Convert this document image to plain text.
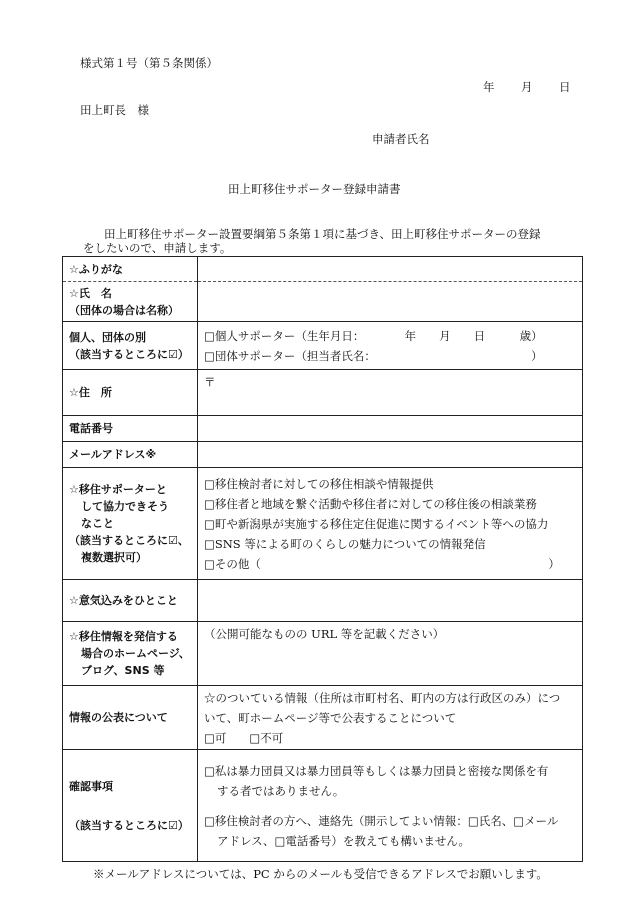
様式第１号（第５条関係）
年 月 日
田上町長　様
申請者氏名
田上町移住サポーター登録申請書
田上町移住サポーター設置要綱第５条第１項に基づき、田上町移住サポーターの登録
をしたいので、申請します。
☆ふりがな	

☆氏　名
（団体の場合は名称）	

個人、団体の別
（該当するところに☑）	□個人サポーター（生年月日：　　　　年　　月　　日　　　歳）
□団体サポーター（担当者氏名：　　　　　　　　　　　　　　）

☆住　所	〒
電話番号	
メールアドレス※	

☆移住サポーターと
して協力できそう
なこと
（該当するところに☑、
複数選択可）	□移住検討者に対しての移住相談や情報提供
□移住者と地域を繋ぐ活動や移住者に対しての移住後の相談業務
□町や新潟県が実施する移住定住促進に関するイベント等への協力
□SNS 等による町のくらしの魅力についての情報発信
□その他（　　　　　　　　　　　　　　　　　　　　　　　　　）

☆意気込みをひとこと	

☆移住情報を発信する
場合のホームページ、
ブログ、SNS 等	（公開可能なものの URL 等を記載ください）
情報の公表について	☆のついている情報（住所は市町村名、町内の方は行政区のみ）につ
いて、町ホームページ等で公表することについて
□可　　□不可

確認事項
（該当するところに☑）	□私は暴力団員又は暴力団員等もしくは暴力団員と密接な関係を有
する者ではありません。
□移住検討者の方へ、連絡先（開示してよい情報：□氏名、□メール
アドレス、□電話番号）を教えても構いません。
※メールアドレスについては、PC からのメールも受信できるアドレスでお願いします。
